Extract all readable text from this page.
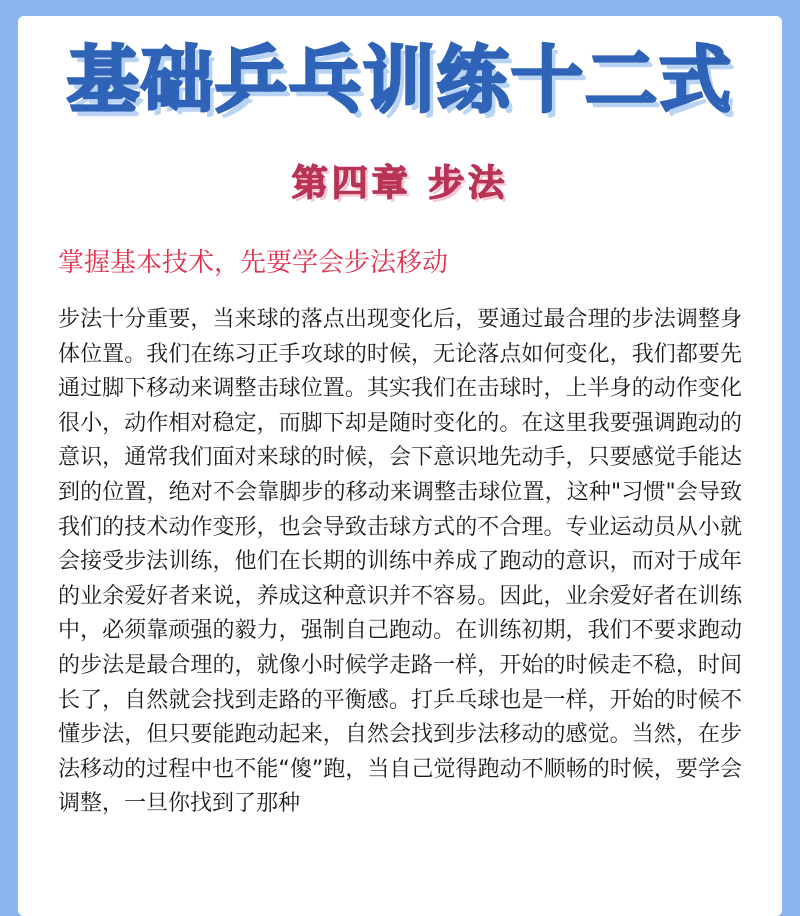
基础乒乓训练十二式
第四章 步法
掌握基本技术，先要学会步法移动

步法十分重要，当来球的落点出现变化后，要通过最合理的步法调整身体位置。我们在练习正手攻球的时候，无论落点如何变化，我们都要先通过脚下移动来调整击球位置。其实我们在击球时，上半身的动作变化很小，动作相对稳定，而脚下却是随时变化的。在这里我要强调跑动的意识，通常我们面对来球的时候，会下意识地先动手，只要感觉手能达到的位置，绝对不会靠脚步的移动来调整击球位置，这种"习惯"会导致我们的技术动作变形，也会导致击球方式的不合理。专业运动员从小就会接受步法训练，他们在长期的训练中养成了跑动的意识，而对于成年的业余爱好者来说，养成这种意识并不容易。因此，业余爱好者在训练中，必须靠顽强的毅力，强制自己跑动。在训练初期，我们不要求跑动的步法是最合理的，就像小时候学走路一样，开始的时候走不稳，时间长了，自然就会找到走路的平衡感。打乒乓球也是一样，开始的时候不懂步法，但只要能跑动起来，自然会找到步法移动的感觉。当然，在步法移动的过程中也不能“傻”跑，当自己觉得跑动不顺畅的时候，要学会调整，一旦你找到了那种
